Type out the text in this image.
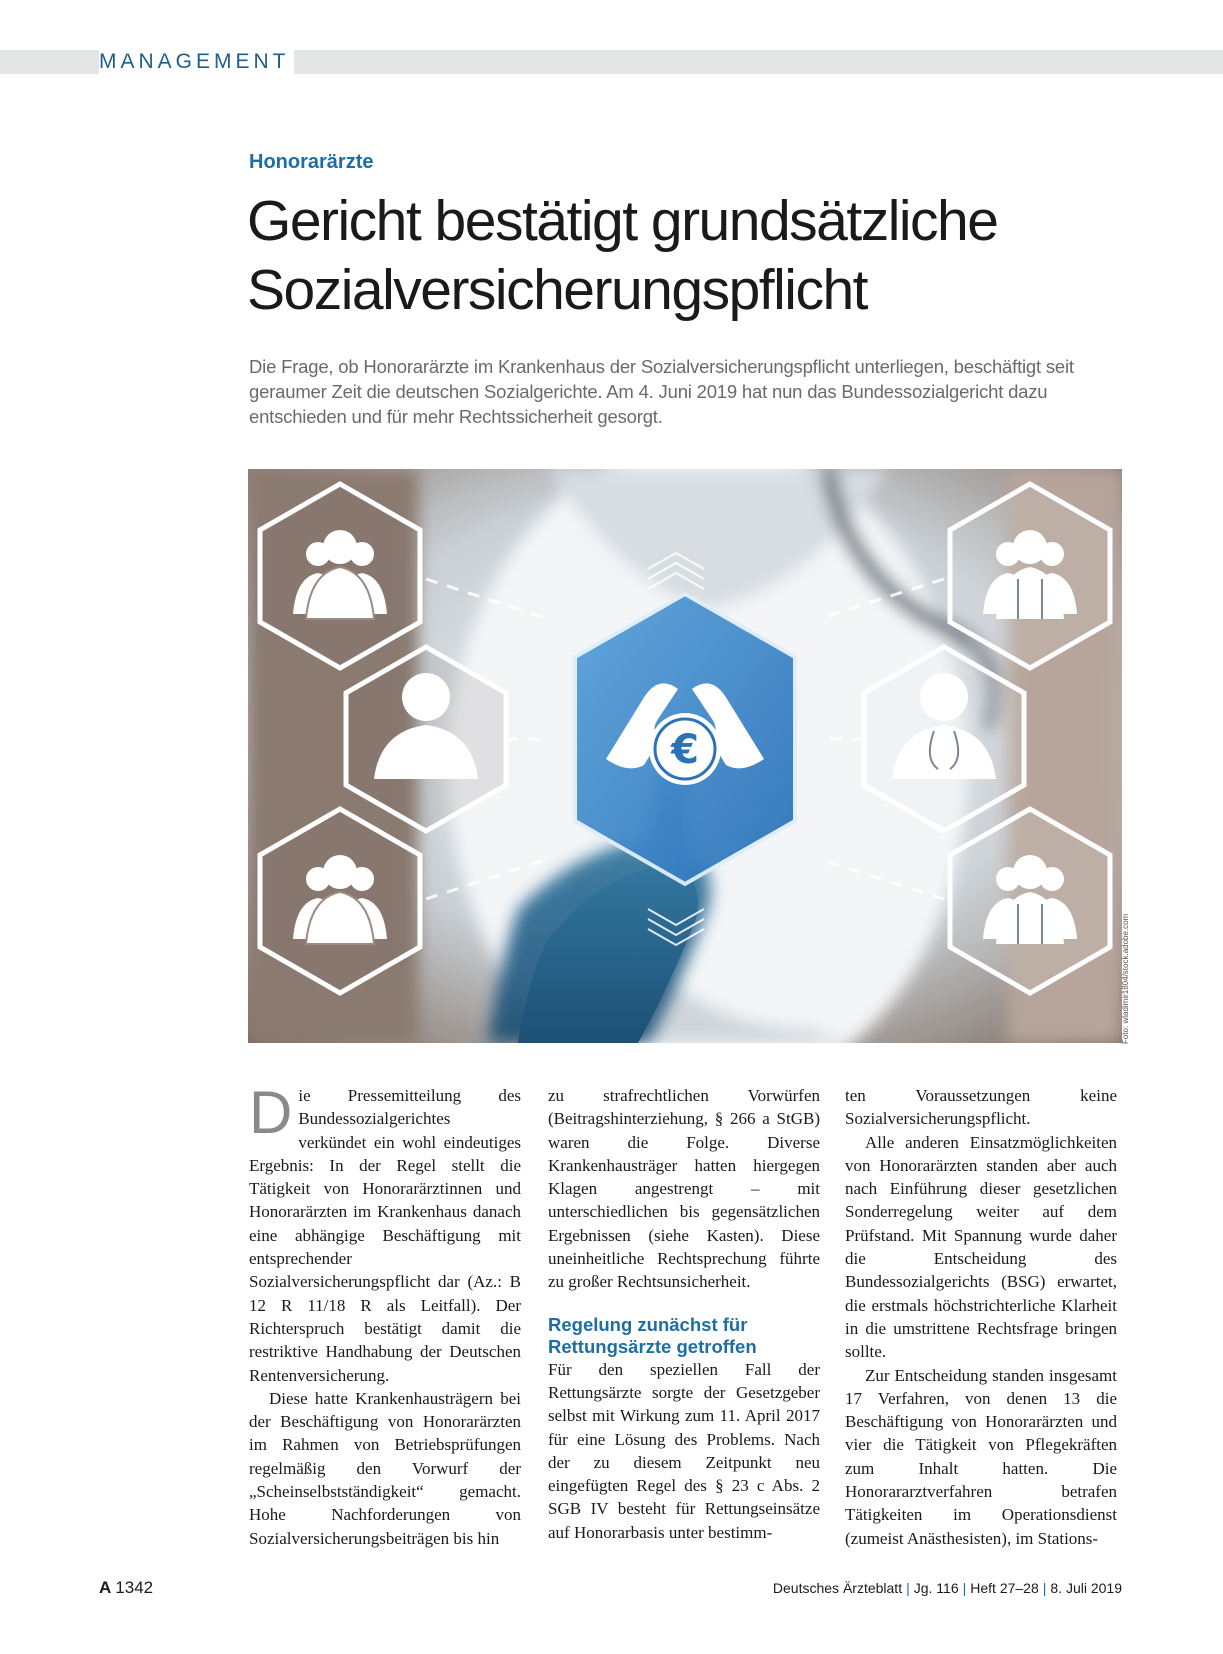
MANAGEMENT
Honorarärzte
Gericht bestätigt grundsätzliche
Sozialversicherungspflicht

Die Frage, ob Honorarärzte im Krankenhaus der Sozialversicherungspflicht unterliegen, beschäftigt seit geraumer Zeit die deutschen Sozialgerichte. Am 4. Juni 2019 hat nun das Bundessozialgericht dazu entschieden und für mehr Rechtssicherheit gesorgt.

€
Foto: wladimir1804/stock.adobe.com

Die Pressemitteilung des Bundessozialgerichtes verkündet ein wohl eindeutiges Ergebnis: In der Regel stellt die Tätigkeit von Honorarärztinnen und Honorarärzten im Krankenhaus danach eine abhängige Beschäftigung mit entsprechender Sozialversicherungspflicht dar (Az.: B 12 R 11/18 R als Leitfall). Der Richterspruch bestätigt damit die restriktive Handhabung der Deutschen Rentenversicherung.

Diese hatte Krankenhausträgern bei der Beschäftigung von Honorarärzten im Rahmen von Betriebsprüfungen regelmäßig den Vorwurf der „Scheinselbstständigkeit“ gemacht. Hohe Nachforderungen von Sozialversicherungsbeiträgen bis hin

zu strafrechtlichen Vorwürfen (Beitragshinterziehung, § 266 a StGB) waren die Folge. Diverse Krankenhausträger hatten hiergegen Klagen angestrengt – mit unterschiedlichen bis gegensätzlichen Ergebnissen (siehe Kasten). Diese uneinheitliche Rechtsprechung führte zu großer Rechtsunsicherheit.

Regelung zunächst für
Rettungsärzte getroffen

Für den speziellen Fall der Rettungsärzte sorgte der Gesetzgeber selbst mit Wirkung zum 11. April 2017 für eine Lösung des Problems. Nach der zu diesem Zeitpunkt neu eingefügten Regel des § 23 c Abs. 2 SGB IV besteht für Rettungseinsätze auf Honorarbasis unter bestimm-

ten Voraussetzungen keine Sozialversicherungspflicht.

Alle anderen Einsatzmöglichkeiten von Honorarärzten standen aber auch nach Einführung dieser gesetzlichen Sonderregelung weiter auf dem Prüfstand. Mit Spannung wurde daher die Entscheidung des Bundessozialgerichts (BSG) erwartet, die erstmals höchstrichterliche Klarheit in die umstrittene Rechtsfrage bringen sollte.

Zur Entscheidung standen insgesamt 17 Verfahren, von denen 13 die Beschäftigung von Honorarärzten und vier die Tätigkeit von Pflegekräften zum Inhalt hatten. Die Honorararztverfahren betrafen Tätigkeiten im Operationsdienst (zumeist Anästhesisten), im Stations-

A 1342	Deutsches Ärzteblatt | Jg. 116 | Heft 27–28 | 8. Juli 2019
